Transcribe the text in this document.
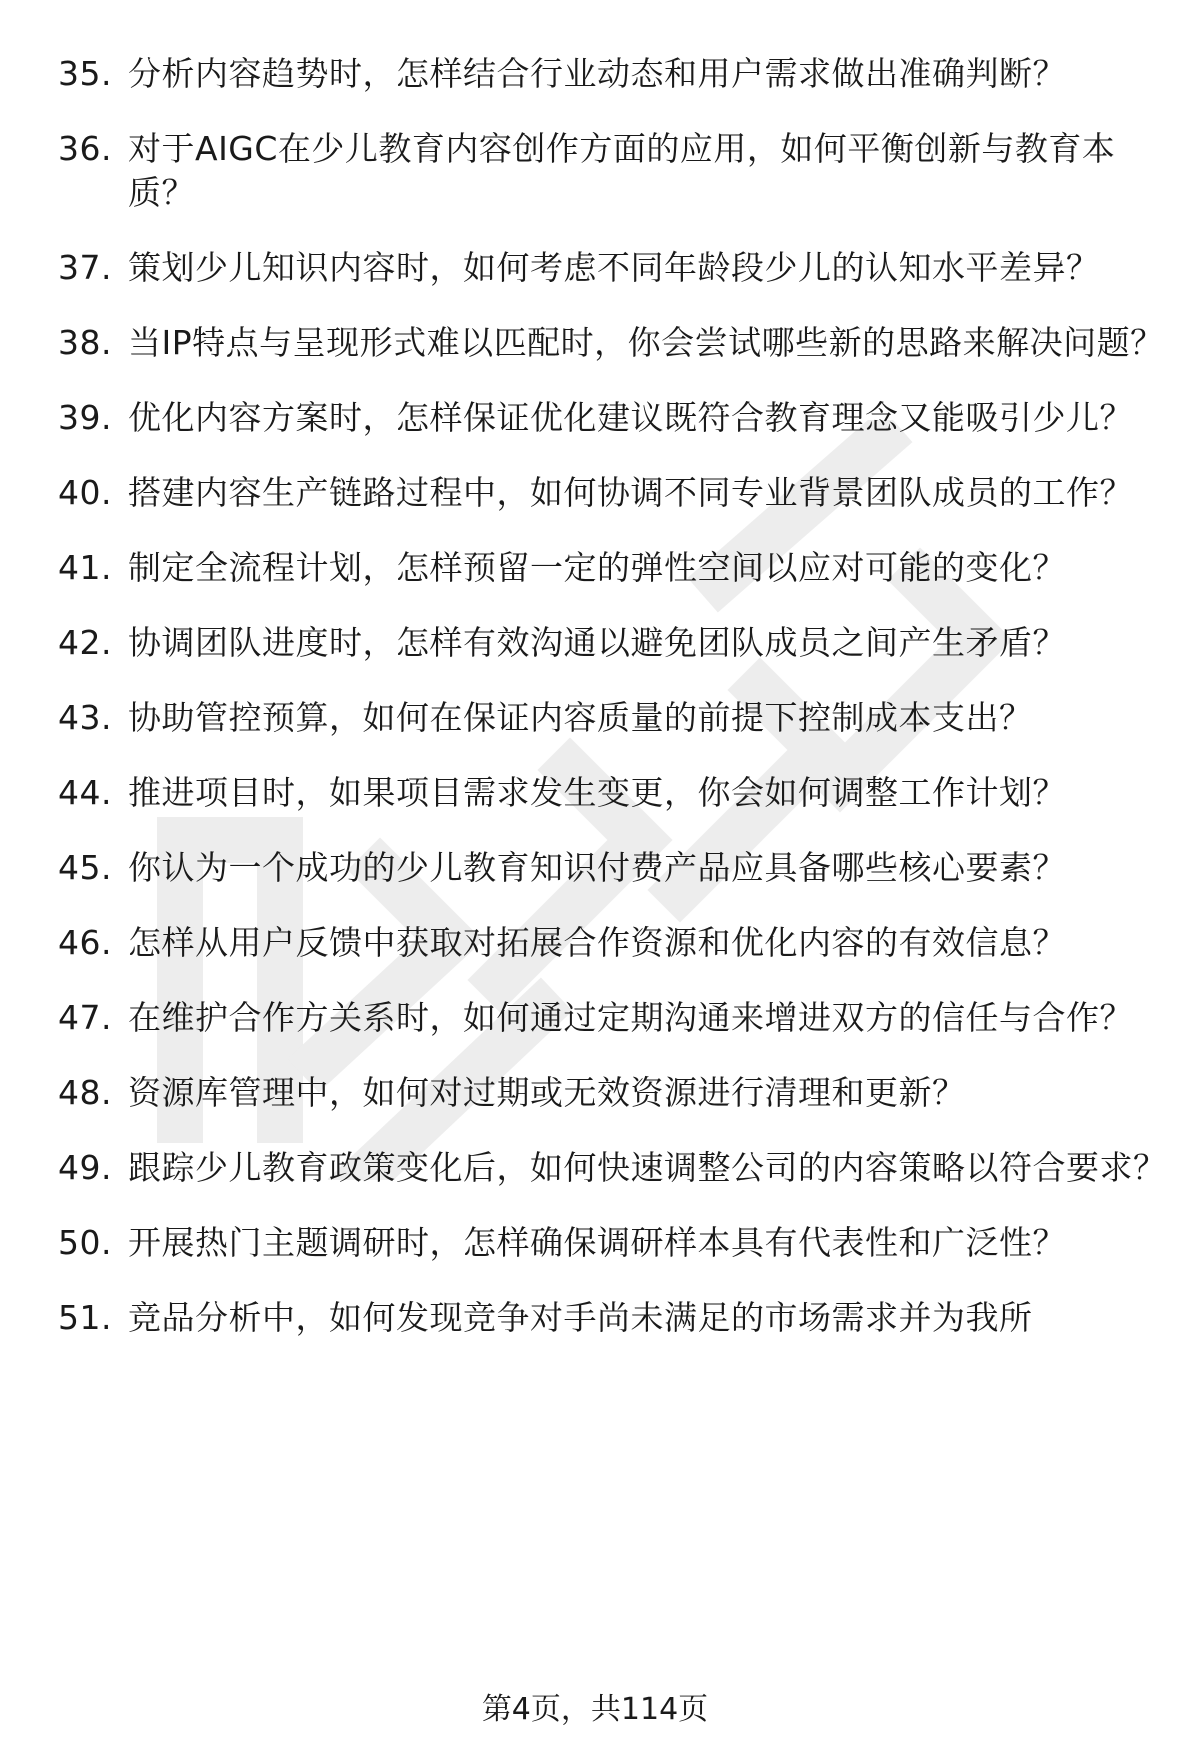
35. 分析内容趋势时，怎样结合行业动态和用户需求做出准确判断？
36. 对于AIGC在少儿教育内容创作方面的应用，如何平衡创新与教育本质？
37. 策划少儿知识内容时，如何考虑不同年龄段少儿的认知水平差异？
38. 当IP特点与呈现形式难以匹配时，你会尝试哪些新的思路来解决问题？
39. 优化内容方案时，怎样保证优化建议既符合教育理念又能吸引少儿？
40. 搭建内容生产链路过程中，如何协调不同专业背景团队成员的工作？
41. 制定全流程计划，怎样预留一定的弹性空间以应对可能的变化？
42. 协调团队进度时，怎样有效沟通以避免团队成员之间产生矛盾？
43. 协助管控预算，如何在保证内容质量的前提下控制成本支出？
44. 推进项目时，如果项目需求发生变更，你会如何调整工作计划？
45. 你认为一个成功的少儿教育知识付费产品应具备哪些核心要素？
46. 怎样从用户反馈中获取对拓展合作资源和优化内容的有效信息？
47. 在维护合作方关系时，如何通过定期沟通来增进双方的信任与合作？
48. 资源库管理中，如何对过期或无效资源进行清理和更新？
49. 跟踪少儿教育政策变化后，如何快速调整公司的内容策略以符合要求？
50. 开展热门主题调研时，怎样确保调研样本具有代表性和广泛性？
51. 竞品分析中，如何发现竞争对手尚未满足的市场需求并为我所
第4页，共114页
